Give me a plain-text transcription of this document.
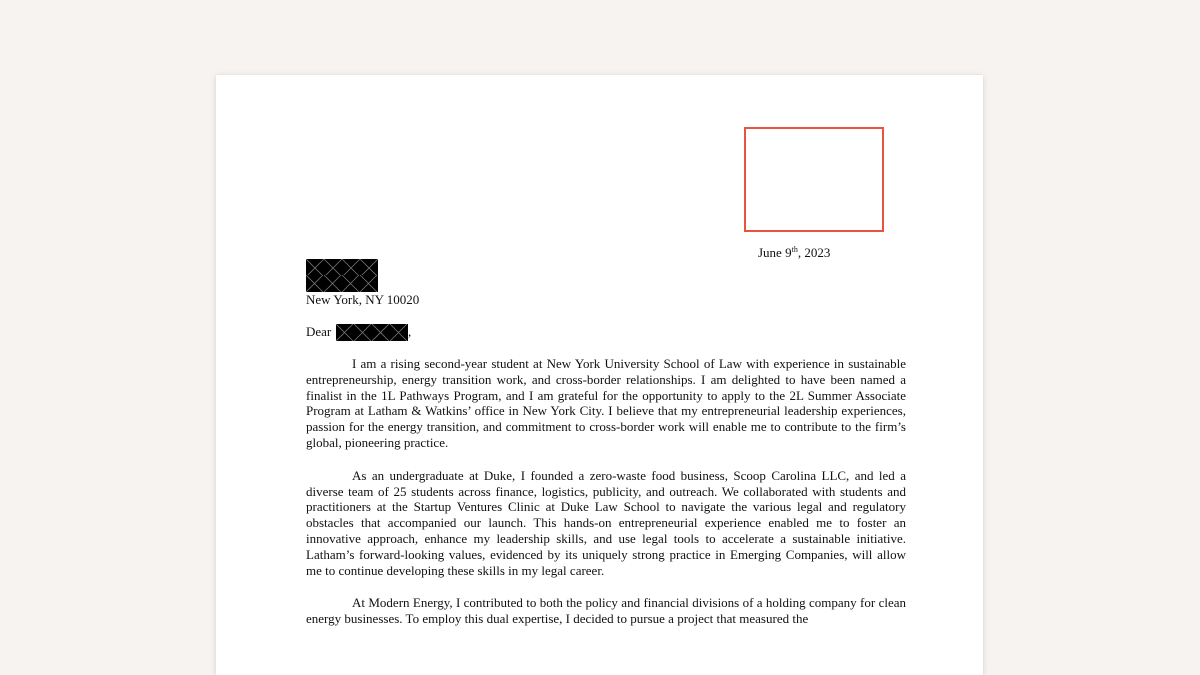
June 9th, 2023
New York, NY 10020
Dear	,

I am a rising second-year student at New York University School of Law with experience in sustainable entrepreneurship, energy transition work, and cross-border relationships. I am delighted to have been named a finalist in the 1L Pathways Program, and I am grateful for the opportunity to apply to the 2L Summer Associate Program at Latham & Watkins’ office in New York City. I believe that my entrepreneurial leadership experiences, passion for the energy transition, and commitment to cross-border work will enable me to contribute to the firm’s global, pioneering practice.

As an undergraduate at Duke, I founded a zero-waste food business, Scoop Carolina LLC, and led a diverse team of 25 students across finance, logistics, publicity, and outreach. We collaborated with students and practitioners at the Startup Ventures Clinic at Duke Law School to navigate the various legal and regulatory obstacles that accompanied our launch. This hands-on entrepreneurial experience enabled me to foster an innovative approach, enhance my leadership skills, and use legal tools to accelerate a sustainable initiative. Latham’s forward-looking values, evidenced by its uniquely strong practice in Emerging Companies, will allow me to continue developing these skills in my legal career.

At Modern Energy, I contributed to both the policy and financial divisions of a holding company for clean energy businesses. To employ this dual expertise, I decided to pursue a project that measured the
